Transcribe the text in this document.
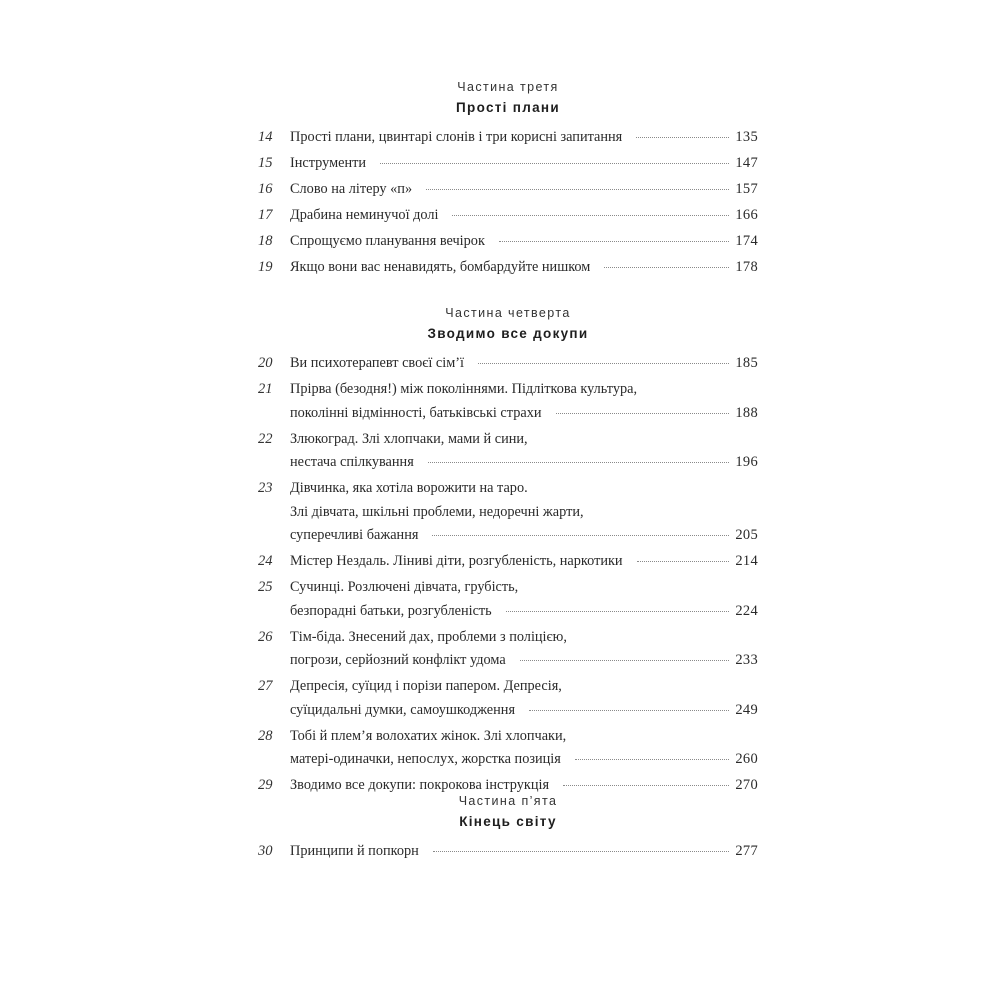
Частина третя
Прості плани
14	Прості плани, цвинтарі слонів і три корисні запитання	135
15	Інструменти	147
16	Слово на літеру «п»	157
17	Драбина неминучої долі	166
18	Спрощуємо планування вечірок	174
19	Якщо вони вас ненавидять, бомбардуйте нишком	178
Частина четверта
Зводимо все докупи
20	Ви психотерапевт своєї сім’ї	185
21	Прірва (безодня!) між поколіннями. Підліткова культура,
поколінні відмінності, батьківські страхи	188
22	Злюкоград. Злі хлопчаки, мами й сини,
нестача спілкування	196
23	Дівчинка, яка хотіла ворожити на таро.
Злі дівчата, шкільні проблеми, недоречні жарти,
суперечливі бажання	205
24	Містер Нездаль. Ліниві діти, розгубленість, наркотики	214
25	Сучинці. Розлючені дівчата, грубість,
безпорадні батьки, розгубленість	224
26	Тім-біда. Знесений дах, проблеми з поліцією,
погрози, серйозний конфлікт удома	233
27	Депресія, суїцид і порізи папером. Депресія,
суїцидальні думки, самоушкодження	249
28	Тобі й плем’я волохатих жінок. Злі хлопчаки,
матері-одиначки, непослух, жорстка позиція	260
29	Зводимо все докупи: покрокова інструкція	270
Частина п’ята
Кінець світу
30	Принципи й попкорн	277
